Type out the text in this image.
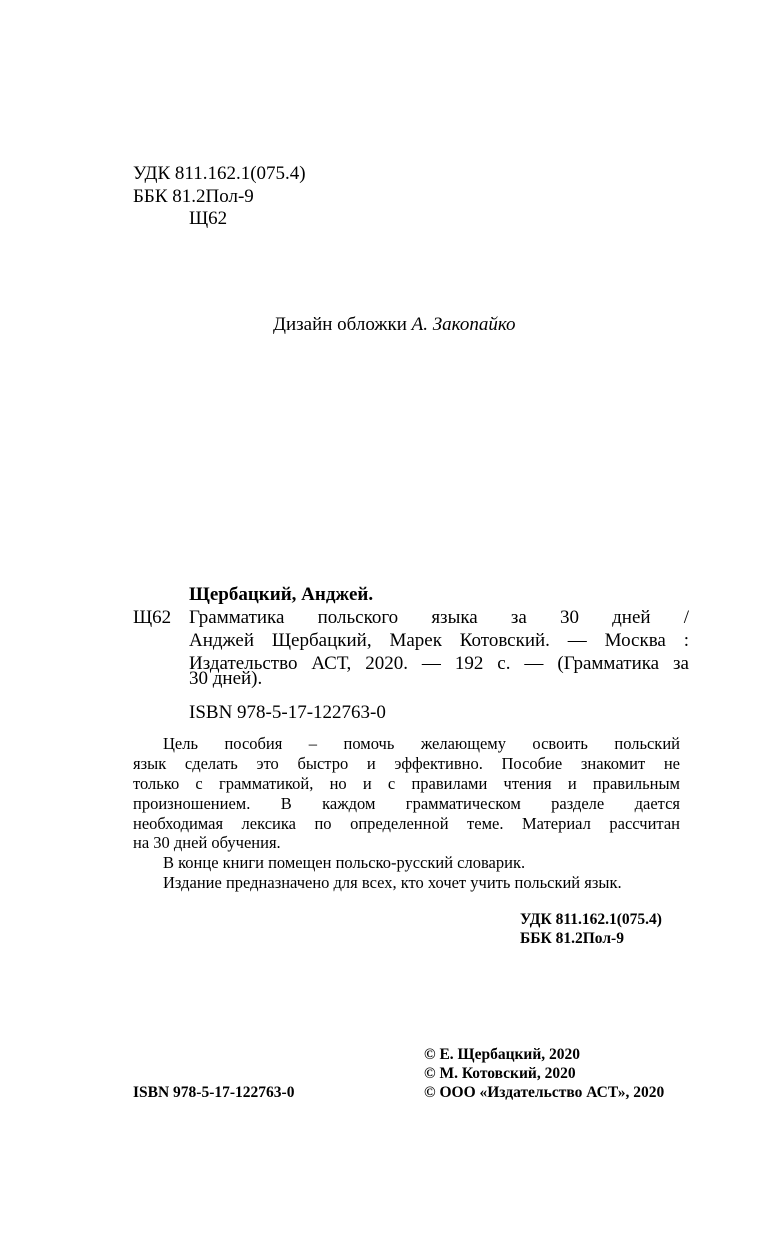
УДК 811.162.1(075.4)
ББК 81.2Пол-9
Щ62
Дизайн обложки А. Закопайко
Щербацкий, Анджей.
Щ62 Грамматика польского языка за 30 дней /
Анджей Щербацкий, Марек Котовский. — Москва :
Издательство АСТ, 2020. — 192 с. — (Грамматика за
30 дней).
ISBN 978-5-17-122763-0
Цель пособия – помочь желающему освоить польский
язык сделать это быстро и эффективно. Пособие знакомит не
только с грамматикой, но и с правилами чтения и правильным
произношением. В каждом грамматическом разделе дается
необходимая лексика по определенной теме. Материал рассчитан
на 30 дней обучения.
В конце книги помещен польско-русский словарик.
Издание предназначено для всех, кто хочет учить польский язык.
УДК 811.162.1(075.4)
ББК 81.2Пол-9
ISBN 978-5-17-122763-0
© Е. Щербацкий, 2020
© М. Котовский, 2020
© ООО «Издательство АСТ», 2020
